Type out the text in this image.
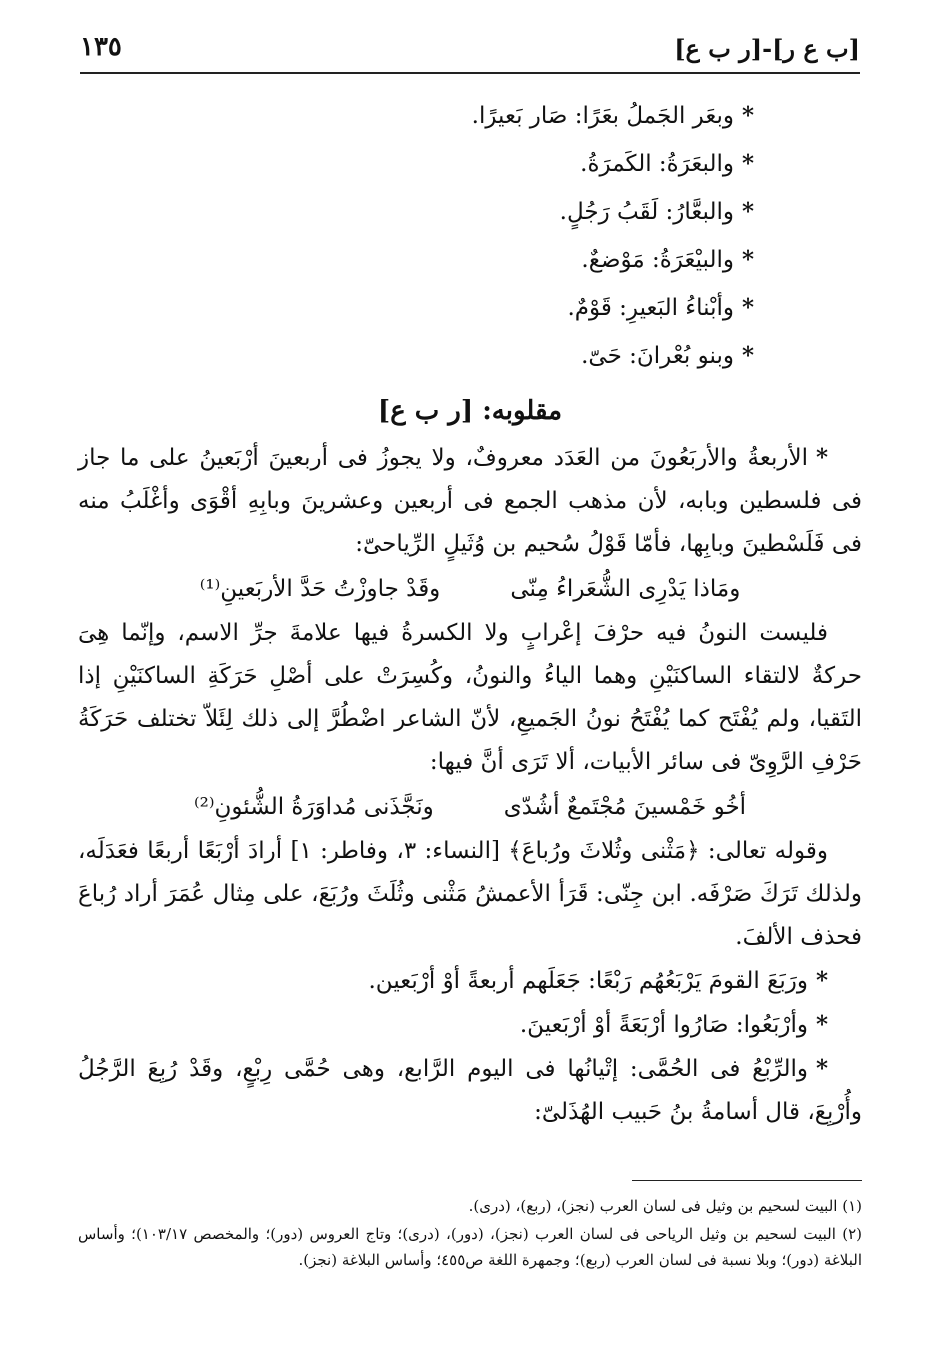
[ب ع ر]-[ر ب ع]
١٣٥
*وبعَر الجَملُ بعَرًا: صَار بَعيرًا.
*والبعَرَةُ: الكَمرَةُ.
*والبعَّارُ: لَقَبُ رَجُلٍ.
*والبيْعَرَةُ: مَوْضعٌ.
*وأبْناءُ البَعيرِ: قَوْمٌ.
*وبنو بُعْرانَ: حَىّ.
مقلوبه: [ر ب ع]

*الأربعةُ والأربَعُونَ من العَدَد معروفٌ، ولا يجوزُ فى أربعينَ أرْبَعينُ على ما جاز فى فلسطين وبابه، لأن مذهب الجمع فى أربعين وعشرينَ وبابِهِ أقْوَى وأغْلَبُ منه فى فَلَسْطينَ وبابِها، فأمّا قَوْلُ سُحيم بن وُثَيلٍ الرِّياحىّ:

ومَاذا يَدْرِى الشُّعَراءُ مِنّى
وقَدْ جاوزْتُ حَدَّ الأربَعينِ⁽¹⁾

فليست النونُ فيه حرْفَ إعْرابٍ ولا الكسرةُ فيها علامةَ جرِّ الاسم، وإنّما هِىَ حركةٌ لالتقاء الساكنَيْنِ وهما الياءُ والنونُ، وكُسِرَتْ على أصْلِ حَرَكَةِ الساكنَيْنِ إذا التَقيا، ولم يُفْتَح كما يُفْتَحُ نونُ الجَميعِ، لأنّ الشاعر اضْطُرَّ إلى ذلك لِئَلاّ تختلف حَرَكَةُ حَرْفِ الرَّوِىّ فى سائر الأبيات، ألا تَرَى أنَّ فيها:

أخُو خَمْسينَ مُجْتَمعٌ أشُدّى
ونَجَّذَنى مُداوَرَةُ الشُّئونِ⁽²⁾

وقوله تعالى: ﴿مَثْنى وثُلاثَ ورُباعَ﴾ [النساء: ٣، وفاطر: ١] أرادَ أرْبَعًا أربعًا فعَدَلَه، ولذلك تَرَكَ صَرْفَه. ابن جِنّى: قَرَأ الأعمشُ مَثْنى وثُلَثَ ورُبَعَ، على مِثال عُمَرَ أراد رُباعَ فحذف الألفَ.

*ورَبَعَ القومَ يَرْبَعُهُم رَبْعًا: جَعَلَهم أربعةً أوْ أرْبَعين.

*وأرْبَعُوا: صَارُوا أرْبَعَةً أوْ أرْبَعينَ.

*والرِّبْعُ فى الحُمَّى: إتْيانُها فى اليوم الرَّابع، وهى حُمَّى رِبْعٍ، وقَدْ رُبِعَ الرَّجُلُ وأُرْبِعَ، قال أسامةُ بنُ حَبيب الهُذَلىّ:

(١) البيت لسحيم بن وثيل فى لسان العرب (نجز)، (ربع)، (درى).

(٢) البيت لسحيم بن وثيل الرياحى فى لسان العرب (نجز)، (دور)، (درى)؛ وتاج العروس (دور)؛ والمخصص ١٠٣/١٧)؛ وأساس البلاغة (دور)؛ وبلا نسبة فى لسان العرب (ربع)؛ وجمهرة اللغة ص٤٥٥؛ وأساس البلاغة (نجز).
